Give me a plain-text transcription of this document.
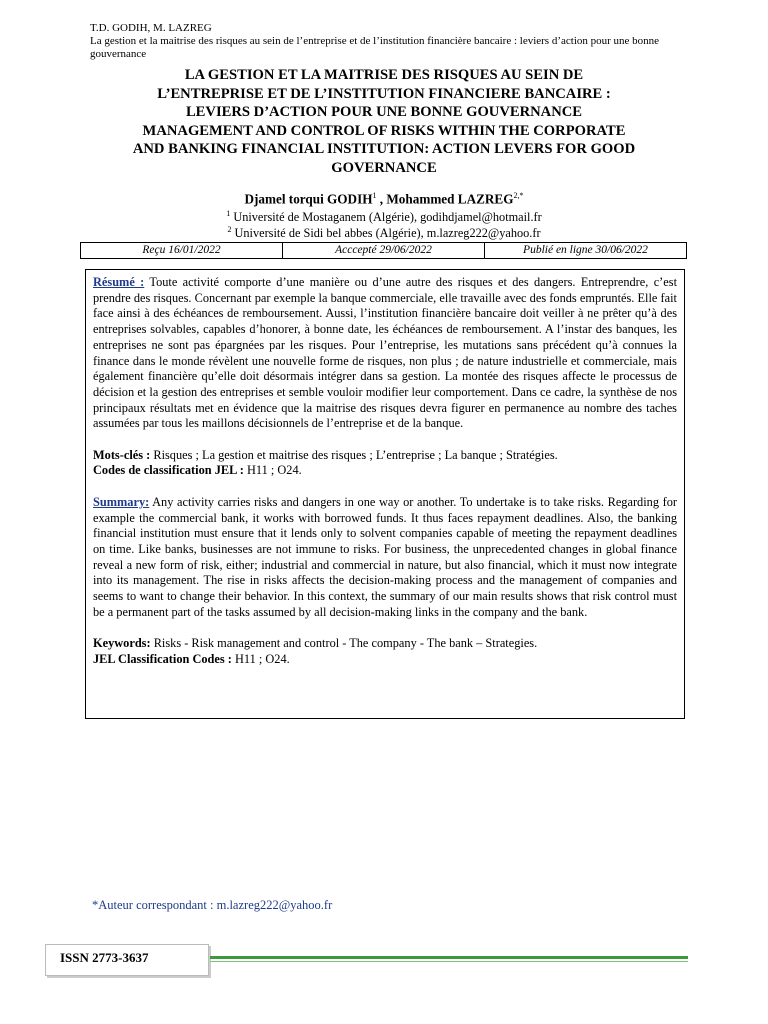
T.D. GODIH, M. LAZREG
La gestion et la maitrise des risques au sein de l’entreprise et de l’institution financière bancaire : leviers d’action pour une bonne gouvernance
LA GESTION ET LA MAITRISE DES RISQUES AU SEIN DE
L’ENTREPRISE ET DE L’INSTITUTION FINANCIERE BANCAIRE :
LEVIERS D’ACTION POUR UNE BONNE GOUVERNANCE
MANAGEMENT AND CONTROL OF RISKS WITHIN THE CORPORATE
AND BANKING FINANCIAL INSTITUTION: ACTION LEVERS FOR GOOD
GOVERNANCE
Djamel torqui GODIH$^1$ , Mohammed $LAZREG^{2,*}$
$^1$ Université de Mostaganem (Algérie), godihdjamel@hotmail.fr
$^2$ Université de Sidi bel abbes (Algérie), m.lazreg222@yahoo.fr
Reçu 16/01/2022	Acccepté 29/06/2022	Publié en ligne 30/06/2022

Résumé : Toute activité comporte d’une manière ou d’une autre des risques et des dangers. Entreprendre, c’est prendre des risques. Concernant par exemple la banque commerciale, elle travaille avec des fonds empruntés. Elle fait face ainsi à des échéances de remboursement. Aussi, l’institution financière bancaire doit veiller à ne prêter qu’à des entreprises solvables, capables d’honorer, à bonne date, les échéances de remboursement. A l’instar des banques, les entreprises ne sont pas épargnées par les risques. Pour l’entreprise, les mutations sans précédent qu’à connues la finance dans le monde révèlent une nouvelle forme de risques, non plus ; de nature industrielle et commerciale, mais également financière qu’elle doit désormais intégrer dans sa gestion. La montée des risques affecte le processus de décision et la gestion des entreprises et semble vouloir modifier leur comportement. Dans ce cadre, la synthèse de nos principaux résultats met en évidence que la maitrise des risques devra figurer en permanence au nombre des taches assumées par tous les maillons décisionnels de l’entreprise et de la banque.

Mots-clés : Risques ; La gestion et maitrise des risques ; L’entreprise ; La banque ; Stratégies.

Codes de classification JEL : H11 ; O24.

Summary: Any activity carries risks and dangers in one way or another. To undertake is to take risks. Regarding for example the commercial bank, it works with borrowed funds. It thus faces repayment deadlines. Also, the banking financial institution must ensure that it lends only to solvent companies capable of meeting the repayment deadlines on time. Like banks, businesses are not immune to risks. For business, the unprecedented changes in global finance reveal a new form of risk, either; industrial and commercial in nature, but also financial, which it must now integrate into its management. The rise in risks affects the decision-making process and the management of companies and seems to want to change their behavior. In this context, the summary of our main results shows that risk control must be a permanent part of the tasks assumed by all decision-making links in the company and the bank.

Keywords: Risks - Risk management and control - The company - The bank – Strategies.

JEL Classification Codes : H11 ; O24.

*Auteur correspondant : m.lazreg222@yahoo.fr
ISSN 2773-3637
